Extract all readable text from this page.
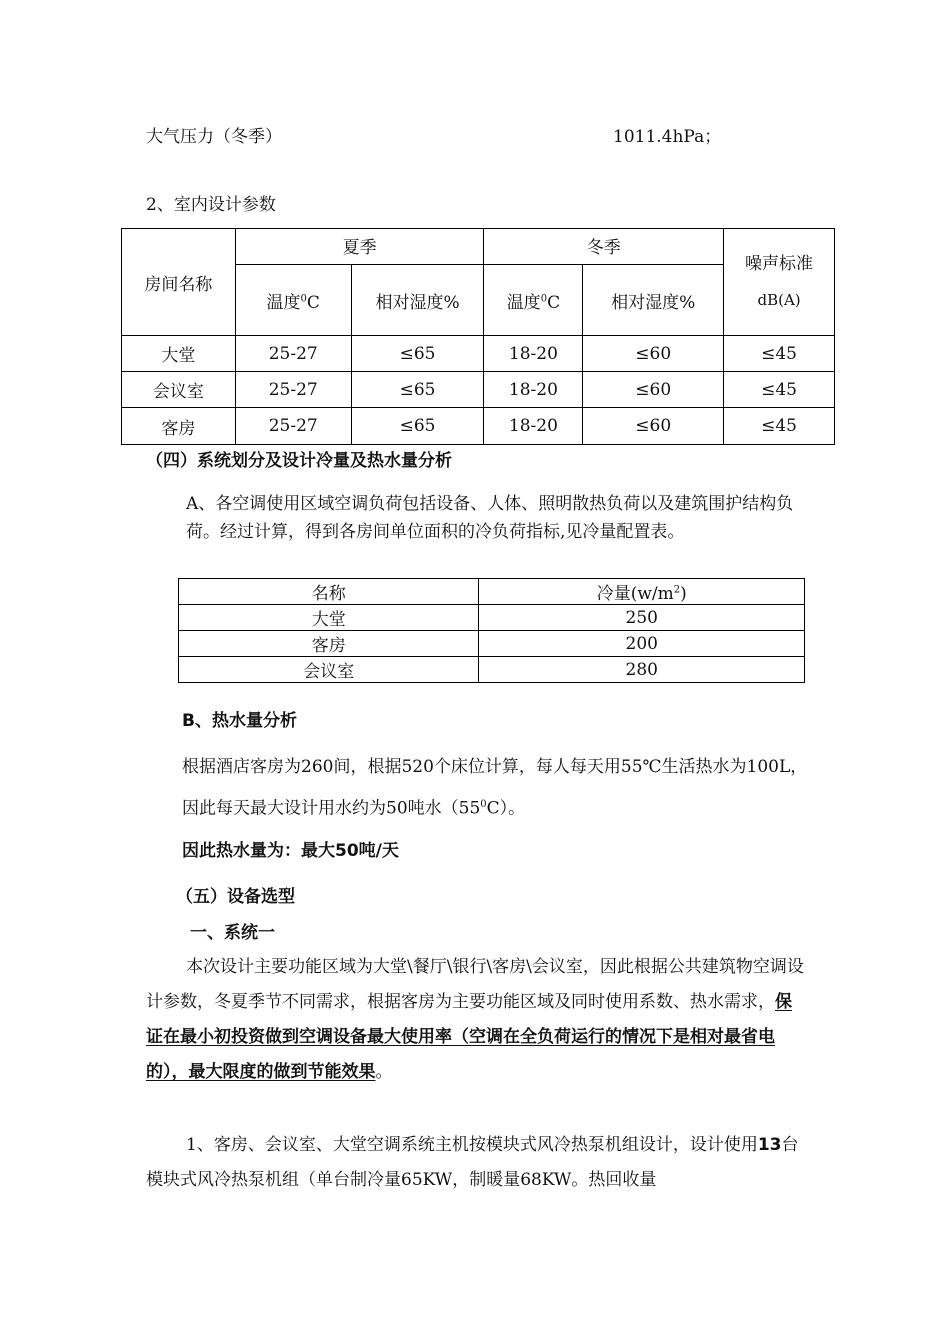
大气压力（冬季）	1011.4hPa；
2、室内设计参数
房间名称	夏季		冬季		噪声标准
dB(A)

	温度$^0$C	相对湿度%	温度$^0$C	相对湿度%	
大堂	25-27	≤65	18-20	≤60	≤45
会议室	25-27	≤65	18-20	≤60	≤45
客房	25-27	≤65	18-20	≤60	≤45
（四）系统划分及设计冷量及热水量分析
A、各空调使用区域空调负荷包括设备、人体、照明散热负荷以及建筑围护结构负荷。经过计算，得到各房间单位面积的冷负荷指标,见冷量配置表。
名称	冷量$(w/m^2)$
大堂	250
客房	200
会议室	280
B、热水量分析
根据酒店客房为260间，根据520个床位计算，每人每天用55℃生活热水为100L，因此每天最大设计用水约为50吨水$(55^0C)$。
因此热水量为：最大50吨/天
（五）设备选型
一、系统一
本次设计主要功能区域为大堂\餐厅\银行\客房\会议室，因此根据公共建筑物空调设计参数，冬夏季节不同需求，根据客房为主要功能区域及同时使用系数、热水需求，保证在最小初投资做到空调设备最大使用率（空调在全负荷运行的情况下是相对最省电的），最大限度的做到节能效果。
1、客房、会议室、大堂空调系统主机按模块式风冷热泵机组设计，设计使用13台模块式风冷热泵机组（单台制冷量65KW，制暖量68KW。热回收量
